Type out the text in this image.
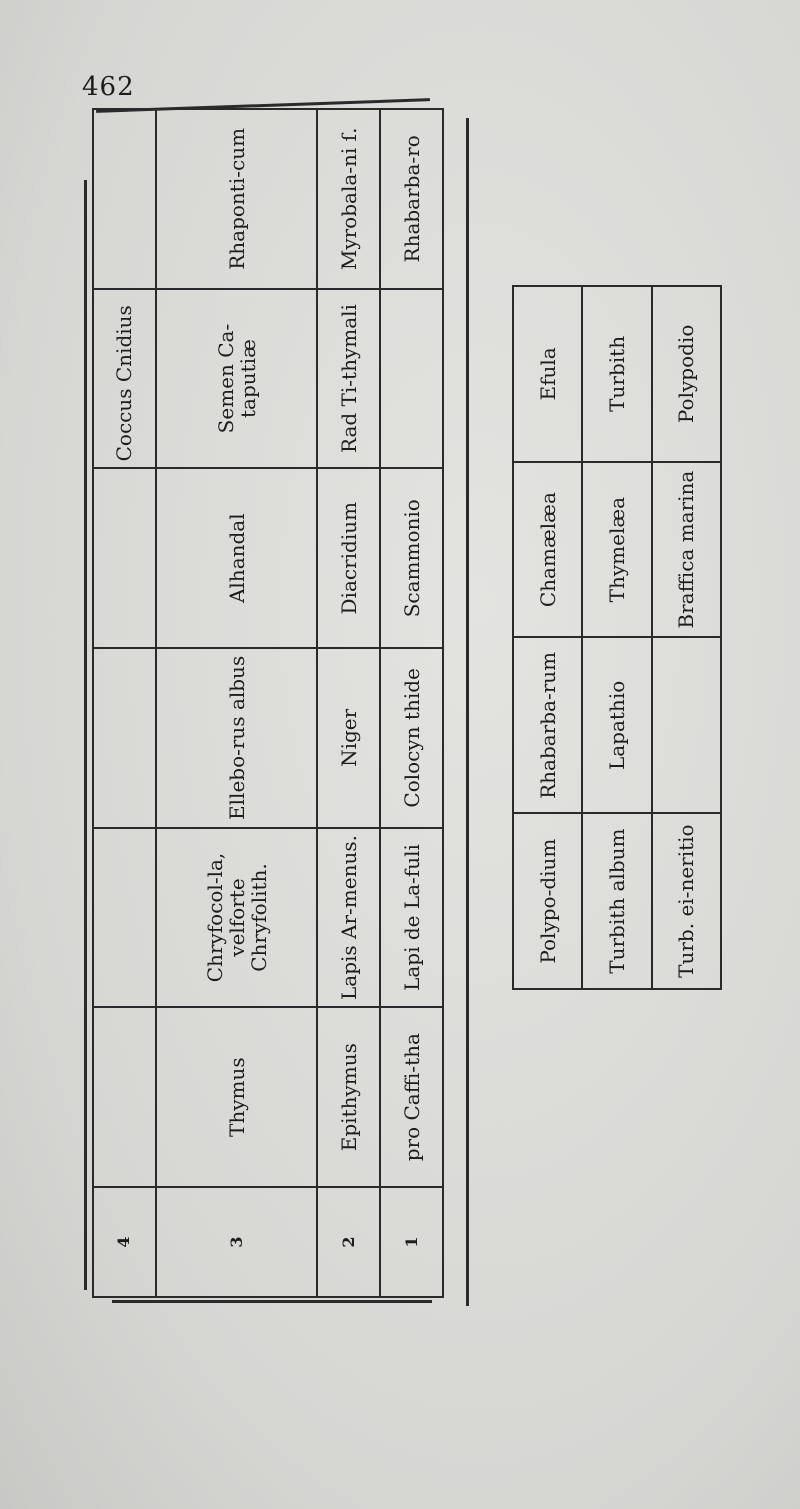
462
4					Coccus Cnidius	
3	Thymus	Chryfocol-la, velforte Chryfolith.	Ellebo-rus albus	Alhandal	Semen Ca-taputiæ	Rhaponti-cum
2	Epithymus	Lapis Ar-menus.	Niger	Diacridium	Rad Ti-thymali	Myrobala-ni ſ.
1	pro Caffi-tha	Lapi de La-fuli	Colocyn thide	Scammonio		Rhabarba-ro
Polypo-dium	Rhabarba-rum	Chamælæa	Efula
Turbith album	Lapathio	Thymelæa	Turbith
Turb. ei-neritio		Braffica marina	Polypodio
